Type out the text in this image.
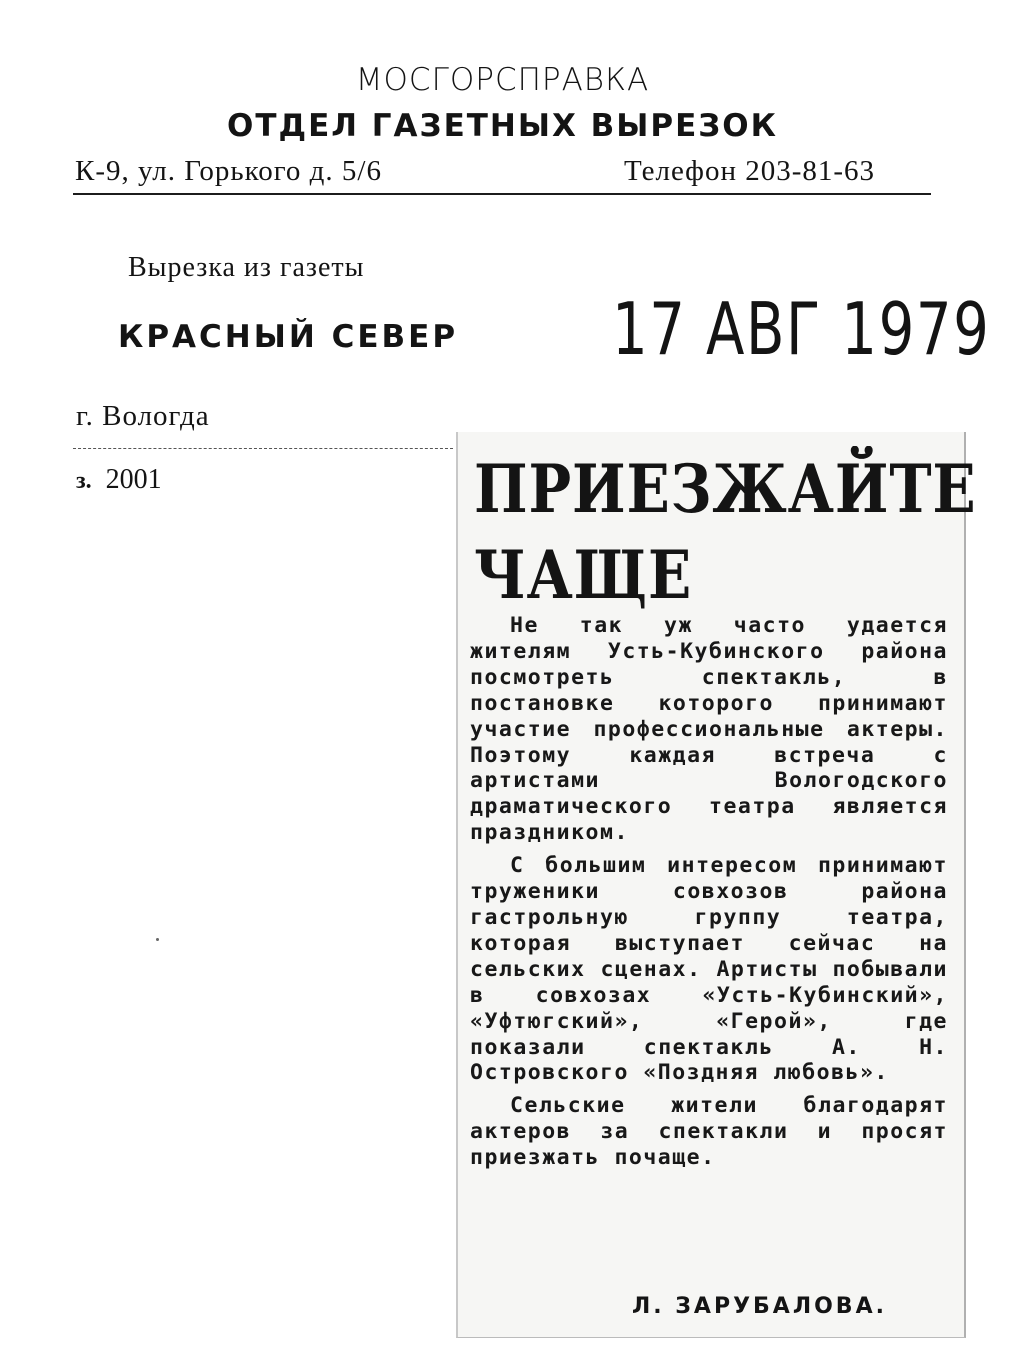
МОСГОРСПРАВКА
ОТДЕЛ ГАЗЕТНЫХ ВЫРЕЗОК
К-9, ул. Горького д. 5/6	Телефон 203-81-63
Вырезка из газеты
КРАСНЫЙ СЕВЕР 17 АВГ 1979
г. Вологда
з. 2001	ПРИЕЗЖАЙТЕ
ЧАЩЕ

Не так уж часто удается жителям Усть-Кубинского района посмотреть спектакль, в постановке которого принимают участие профессиональные актеры. Поэтому каждая встреча с артистами Вологодского драматического театра является праздником.

С большим интересом принимают труженики совхозов района гастрольную группу театра, которая выступает сейчас на сельских сценах. Артисты побывали в совхозах «Усть-Кубинский», «Уфтюгский», «Герой», где показали спектакль А. Н. Островского «Поздняя любовь».

Сельские жители благодарят актеров за спектакли и просят приезжать почаще.

Л. ЗАРУБАЛОВА.
